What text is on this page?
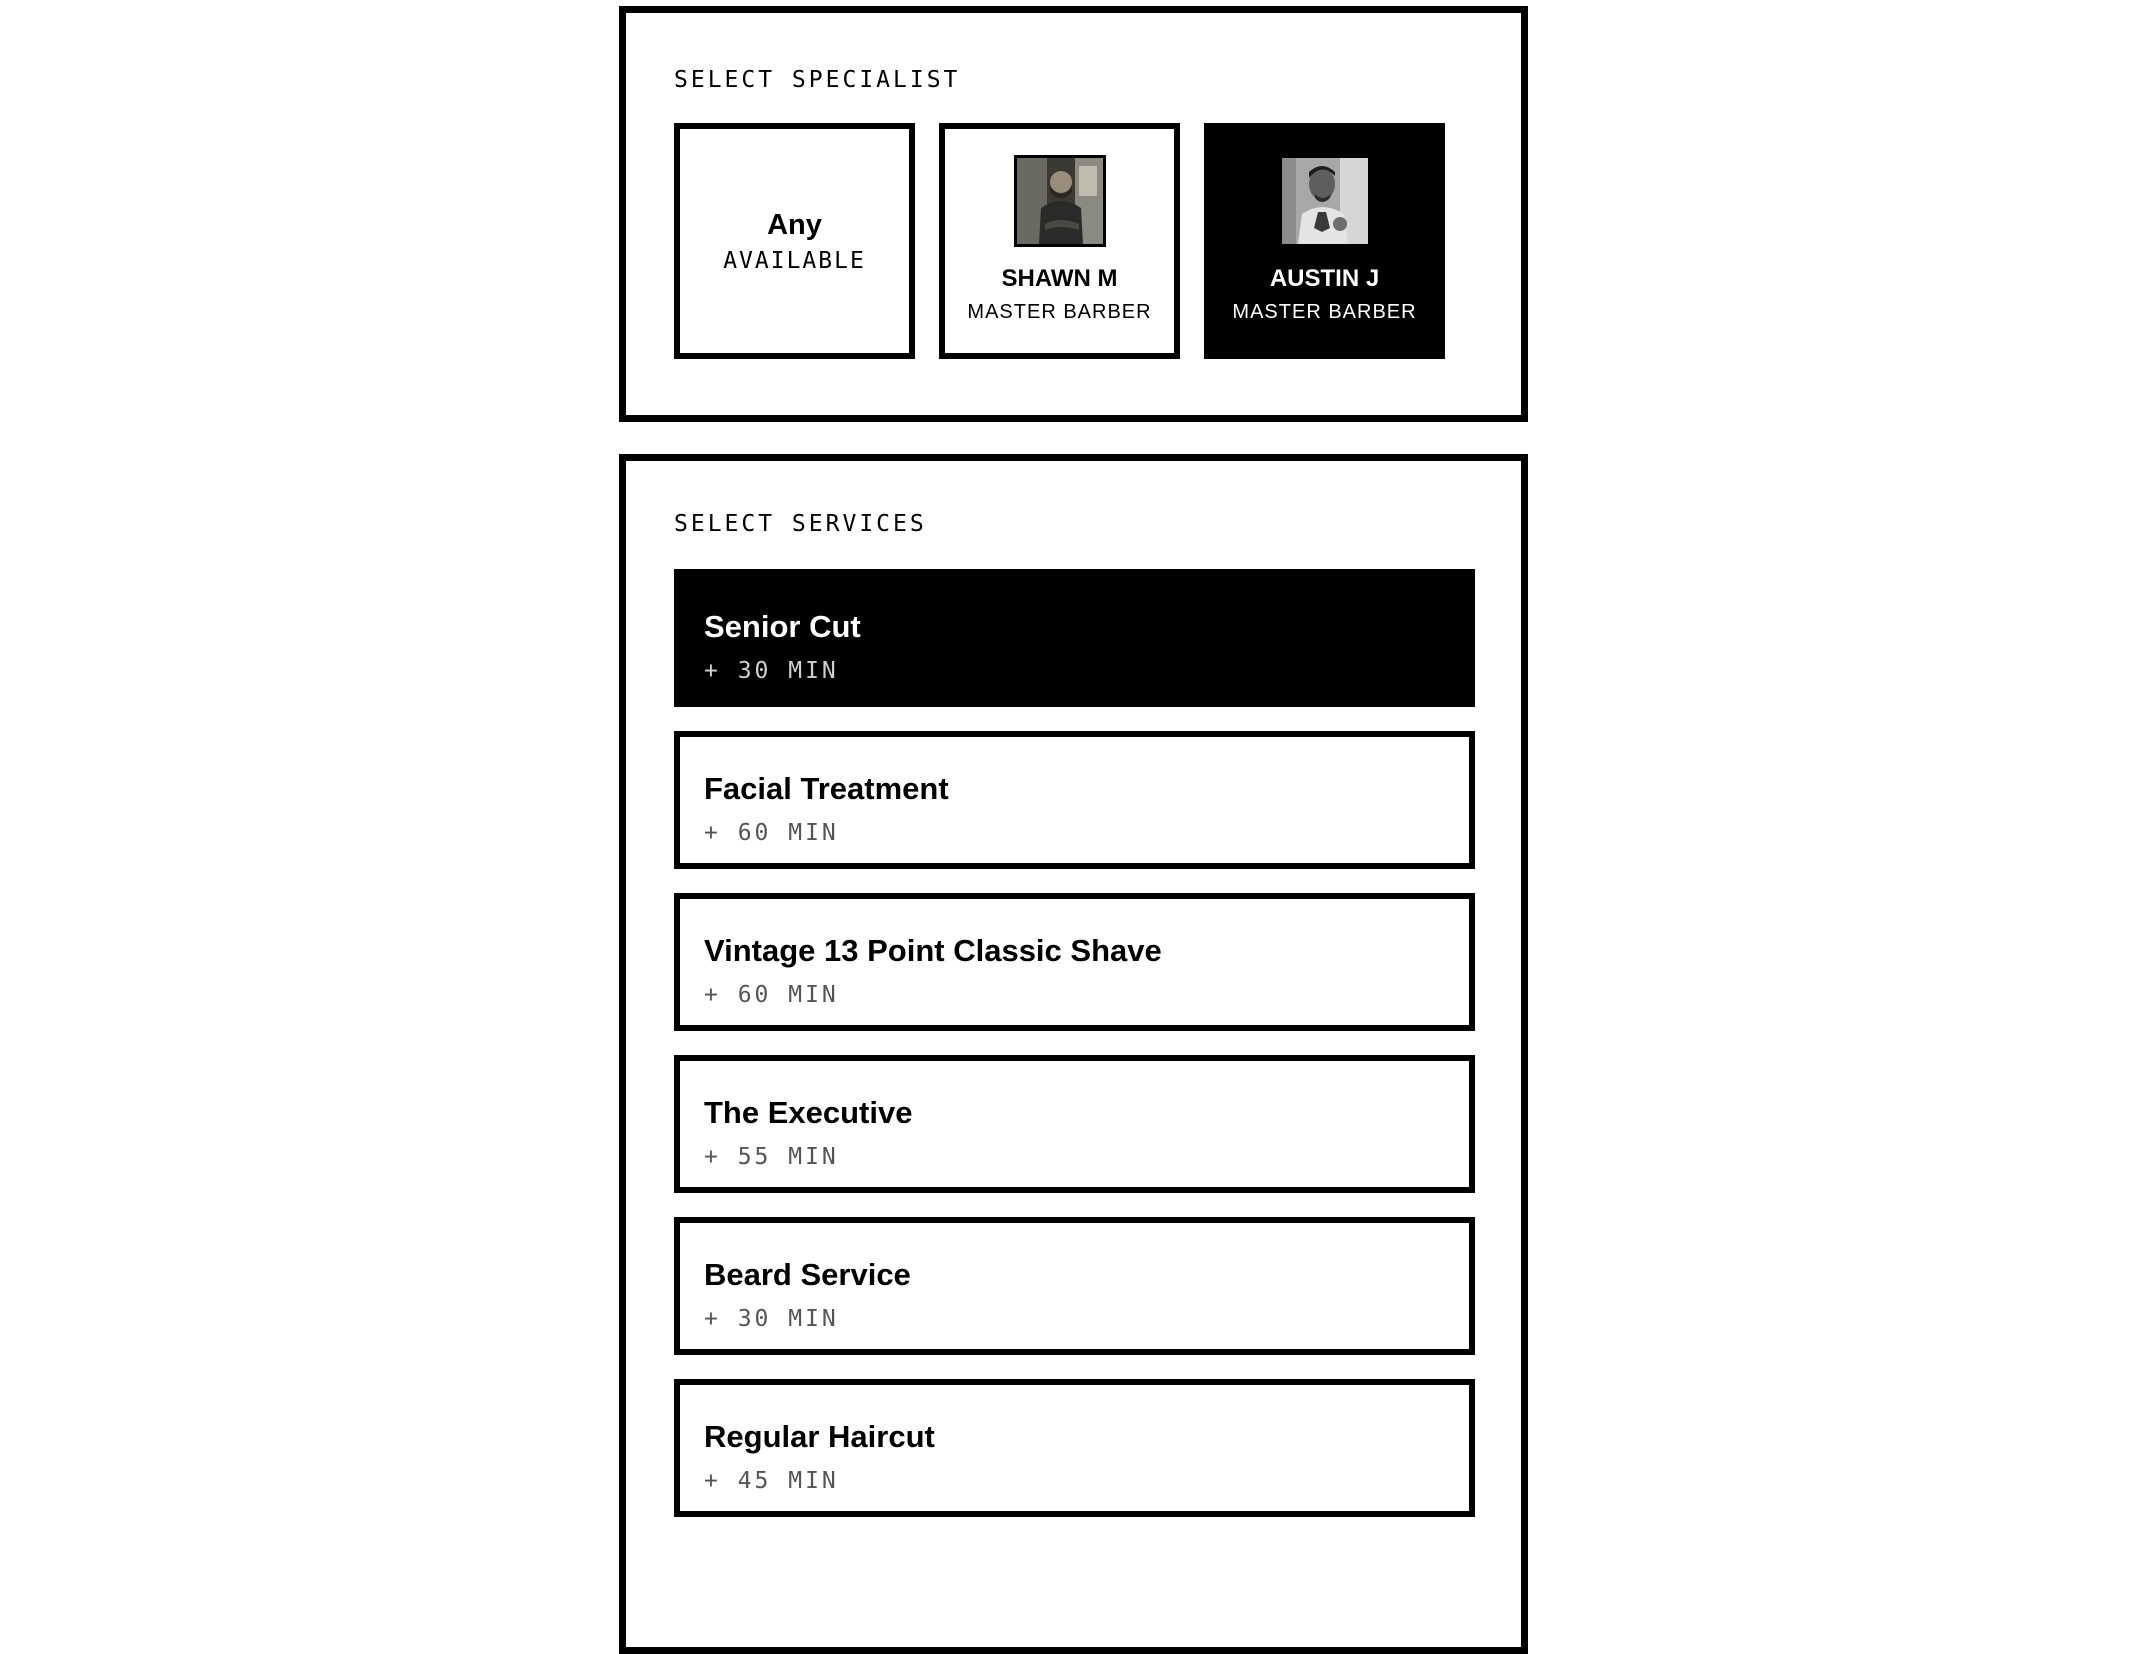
SELECT SPECIALIST
Any
AVAILABLE
SHAWN M
MASTER BARBER
AUSTIN J
MASTER BARBER
SELECT SERVICES
Senior Cut
+ 30 MIN
Facial Treatment
+ 60 MIN
Vintage 13 Point Classic Shave
+ 60 MIN
The Executive
+ 55 MIN
Beard Service
+ 30 MIN
Regular Haircut
+ 45 MIN
